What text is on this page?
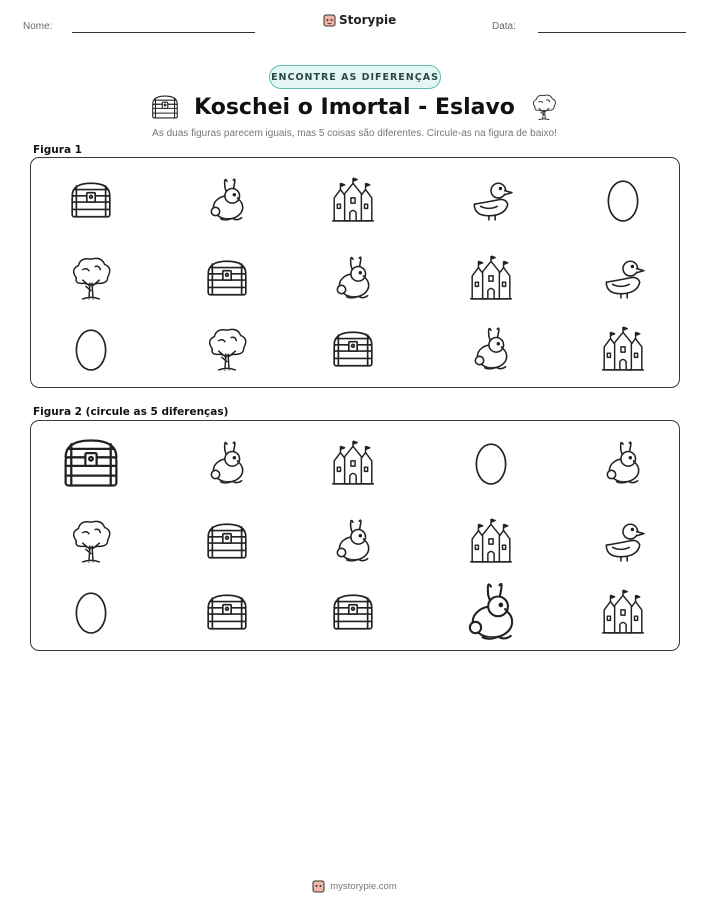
Nome:	Storypie	Data:
ENCONTRE AS DIFERENÇAS
Koschei o Imortal - Eslavo
As duas figuras parecem iguais, mas 5 coisas são diferentes. Circule-as na figura de baixo!
Figura 1
Figura 2 (circule as 5 diferenças)
mystorypie.com
